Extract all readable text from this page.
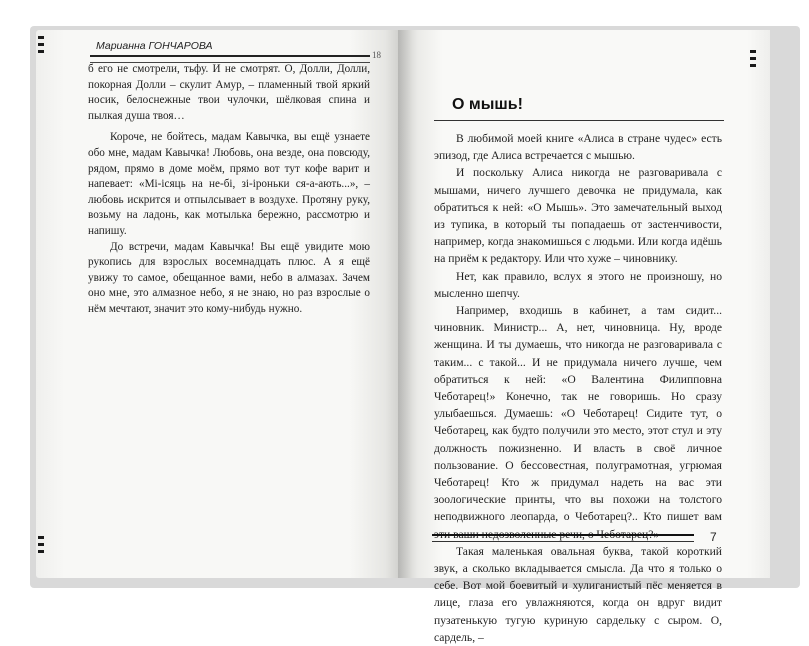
Марианна ГОНЧАРОВА
18

б его не смотрели, тьфу. И не смотрят. О, Долли, Долли, покорная Долли – скулит Амур, – пламенный твой яркий носик, белоснежные твои чулочки, шёлковая спина и пылкая душа твоя…

Короче, не бойтесь, мадам Кавычка, вы ещё узнаете обо мне, мадам Кавычка! Любовь, она везде, она повсюду, рядом, прямо в доме моём, прямо вот тут кофе варит и напевает: «Мі-ісяць на не-бі, зі-іроньки ся-а-ають...», – любовь искрится и отпылсывает в воздухе. Протяну руку, возьму на ладонь, как мотылька бережно, рассмотрю и напишу.

До встречи, мадам Кавычка! Вы ещё увидите мою рукопись для взрослых восемнадцать плюс. А я ещё увижу то самое, обещанное вами, небо в алмазах. Зачем оно мне, это алмазное небо, я не знаю, но раз взрослые о нём мечтают, значит это кому-нибудь нужно.

О мышь!

В любимой моей книге «Алиса в стране чудес» есть эпизод, где Алиса встречается с мышью.

И поскольку Алиса никогда не разговаривала с мышами, ничего лучшего девочка не придумала, как обратиться к ней: «О Мышь». Это замечательный выход из тупика, в который ты попадаешь от застенчивости, например, когда знакомишься с людьми. Или когда идёшь на приём к редактору. Или что хуже – чиновнику.

Нет, как правило, вслух я этого не произношу, но мысленно шепчу.

Например, входишь в кабинет, а там сидит... чиновник. Министр... А, нет, чиновница. Ну, вроде женщина. И ты думаешь, что никогда не разговаривала с таким... с такой... И не придумала ничего лучше, чем обратиться к ней: «О Валентина Филипповна Чеботарец!» Конечно, так не говоришь. Но сразу улыбаешься. Думаешь: «О Чеботарец! Сидите тут, о Чеботарец, как будто получили это место, этот стул и эту должность пожизненно. И власть в своё личное пользование. О бессовестная, полуграмотная, угрюмая Чеботарец! Кто ж придумал надеть на вас эти зоологические принты, что вы похожи на толстого неподвижного леопарда, о Чеботарец?.. Кто пишет вам эти ваши недозволенные речи, о Чеботарец?»

Такая маленькая овальная буква, такой короткий звук, а сколько вкладывается смысла. Да что я только о себе. Вот мой боевитый и хулиганистый пёс меняется в лице, глаза его увлажняются, когда он вдруг видит пузатенькую тугую куриную сардельку с сыром. О, сардель, –

7
